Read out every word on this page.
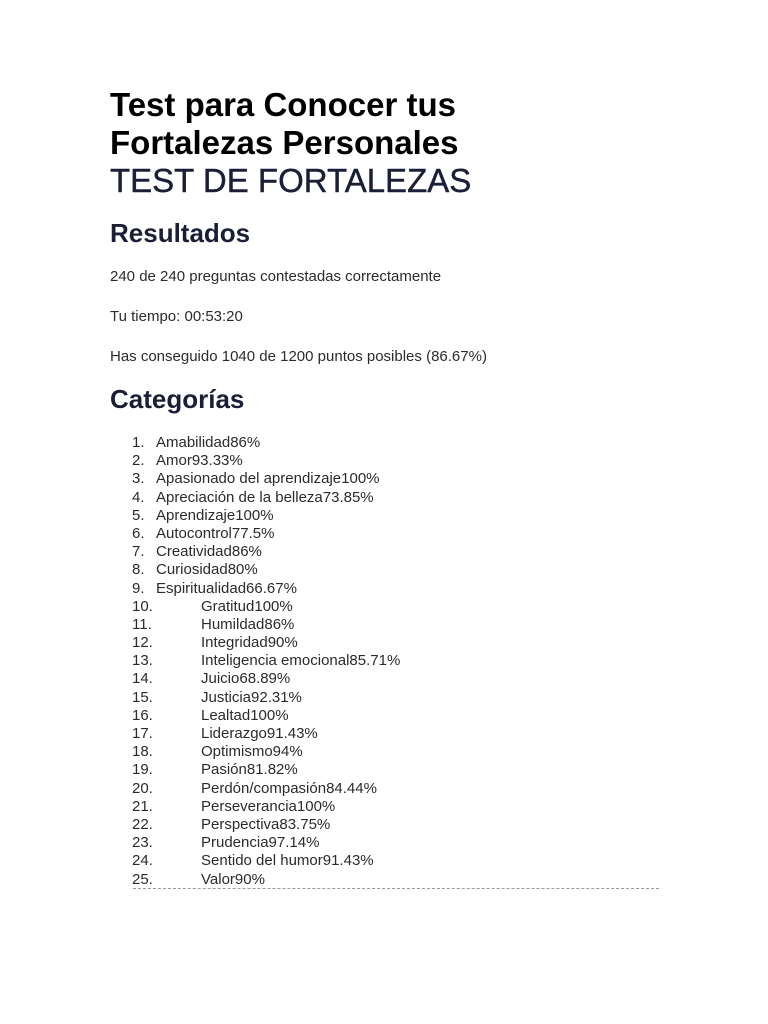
Test para Conocer tus
Fortalezas Personales
TEST DE FORTALEZAS
Resultados

240 de 240 preguntas contestadas correctamente

Tu tiempo: 00:53:20

Has conseguido 1040 de 1200 puntos posibles (86.67%)

Categorías
1. Amabilidad86%
2. Amor93.33%
3. Apasionado del aprendizaje100%
4. Apreciación de la belleza73.85%
5. Aprendizaje100%
6. Autocontrol77.5%
7. Creatividad86%
8. Curiosidad80%
9. Espiritualidad66.67%
10.	Gratitud100%
11.	Humildad86%
12.	Integridad90%
13.	Inteligencia emocional85.71%
14.	Juicio68.89%
15.	Justicia92.31%
16.	Lealtad100%
17.	Liderazgo91.43%
18.	Optimismo94%
19.	Pasión81.82%
20.	Perdón/compasión84.44%
21.	Perseverancia100%
22.	Perspectiva83.75%
23.	Prudencia97.14%
24.	Sentido del humor91.43%
25.	Valor90%
